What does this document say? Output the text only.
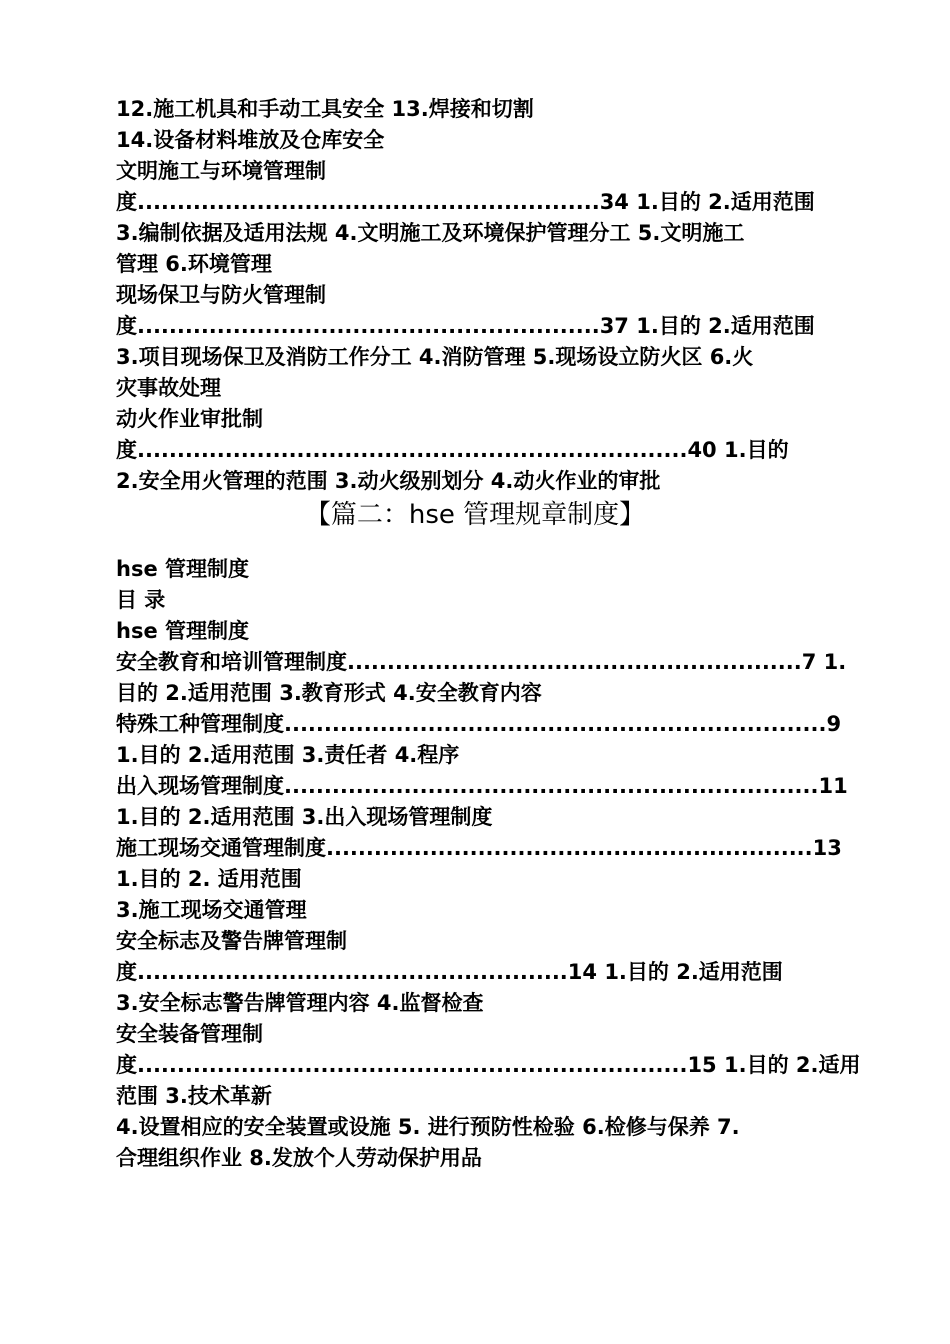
12.施工机具和手动工具安全 13.焊接和切割
14.设备材料堆放及仓库安全
文明施工与环境管理制
度..........................................................34 1.目的 2.适用范围
3.编制依据及适用法规 4.文明施工及环境保护管理分工 5.文明施工
管理 6.环境管理
现场保卫与防火管理制
度..........................................................37 1.目的 2.适用范围
3.项目现场保卫及消防工作分工 4.消防管理 5.现场设立防火区 6.火
灾事故处理
动火作业审批制
度.....................................................................40 1.目的
2.安全用火管理的范围 3.动火级别划分 4.动火作业的审批
【篇二：hse 管理规章制度】
hse 管理制度
目 录
hse 管理制度
安全教育和培训管理制度.........................................................7 1.
目的 2.适用范围 3.教育形式 4.安全教育内容
特殊工种管理制度....................................................................9
1.目的 2.适用范围 3.责任者 4.程序
出入现场管理制度...................................................................11
1.目的 2.适用范围 3.出入现场管理制度
施工现场交通管理制度.............................................................13
1.目的 2. 适用范围
3.施工现场交通管理
安全标志及警告牌管理制
度......................................................14 1.目的 2.适用范围
3.安全标志警告牌管理内容 4.监督检查
安全装备管理制
度.....................................................................15 1.目的 2.适用
范围 3.技术革新
4.设置相应的安全装置或设施 5. 进行预防性检验 6.检修与保养 7.
合理组织作业 8.发放个人劳动保护用品
